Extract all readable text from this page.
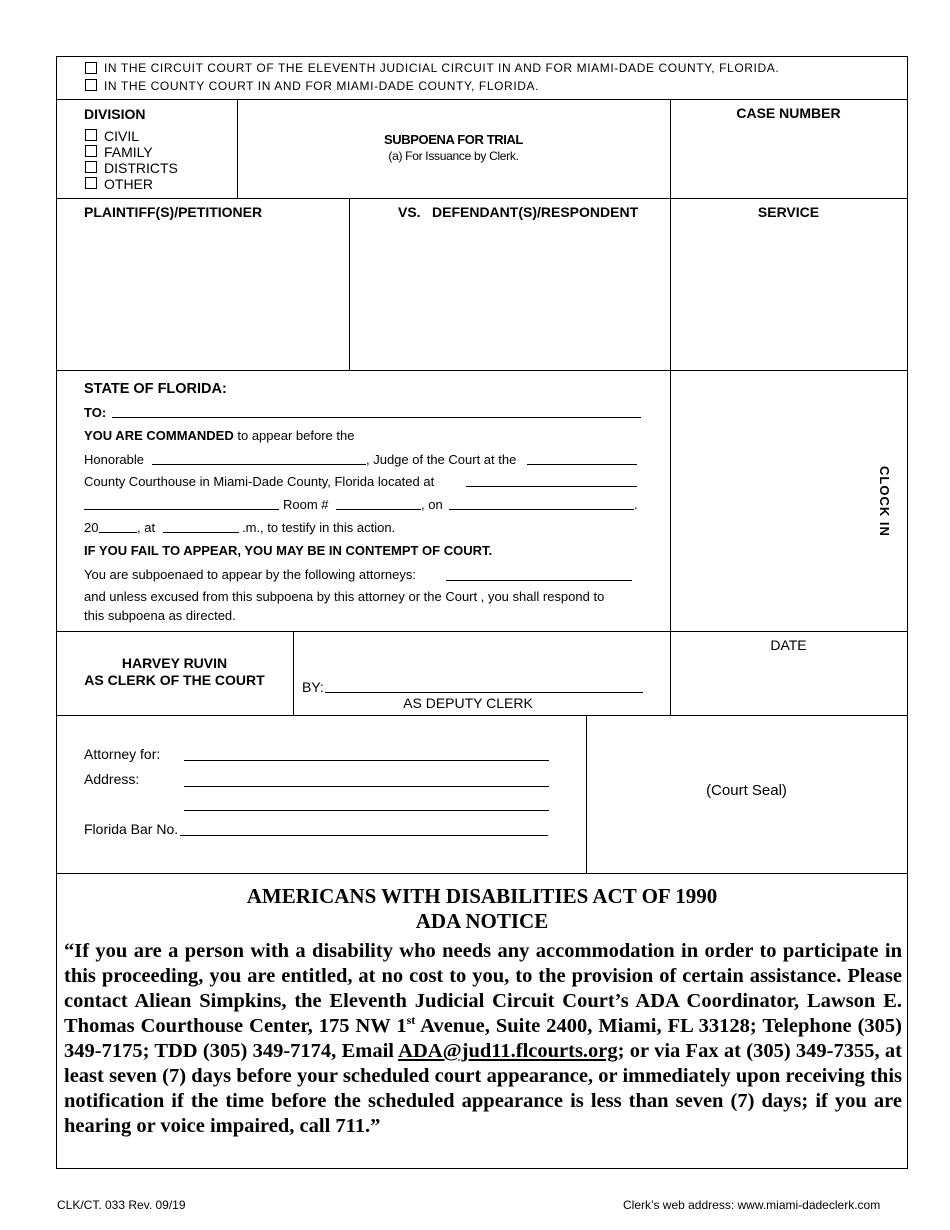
IN THE CIRCUIT COURT OF THE ELEVENTH JUDICIAL CIRCUIT IN AND FOR MIAMI-DADE COUNTY, FLORIDA.
IN THE COUNTY COURT IN AND FOR MIAMI-DADE COUNTY, FLORIDA.
DIVISION
CIVIL
FAMILY
DISTRICTS
OTHER
SUBPOENA FOR TRIAL
(a) For Issuance by Clerk.
CASE NUMBER
PLAINTIFF(S)/PETITIONER	VS. DEFENDANT(S)/RESPONDENT	SERVICE
STATE OF FLORIDA:
TO:
YOU ARE COMMANDED to appear before the
Honorable	, Judge of the Court at the
County Courthouse in Miami-Dade County, Florida located at
Room #	, on	.
20	, at	.m., to testify in this action.
IF YOU FAIL TO APPEAR, YOU MAY BE IN CONTEMPT OF COURT.
You are subpoenaed to appear by the following attorneys:
and unless excused from this subpoena by this attorney or the Court , you shall respond to
this subpoena as directed.
CLOCK IN
HARVEY RUVIN
AS CLERK OF THE COURT	BY:
AS DEPUTY CLERK
DATE
Attorney for:
Address:
Florida Bar No.
(Court Seal)
AMERICANS WITH DISABILITIES ACT OF 1990
ADA NOTICE
“If you are a person with a disability who needs any accommodation in order to participate in this proceeding, you are entitled, at no cost to you, to the provision of certain assistance. Please contact Aliean Simpkins, the Eleventh Judicial Circuit Court’s ADA Coordinator, Lawson E. Thomas Courthouse Center, 175 NW 1st Avenue, Suite 2400, Miami, FL 33128; Telephone (305) 349-7175; TDD (305) 349-7174, Email ADA@jud11.flcourts.org; or via Fax at (305) 349-7355, at least seven (7) days before your scheduled court appearance, or immediately upon receiving this notification if the time before the scheduled appearance is less than seven (7) days; if you are hearing or voice impaired, call 711.”
CLK/CT. 033 Rev. 09/19	Clerk’s web address: www.miami-dadeclerk.com
